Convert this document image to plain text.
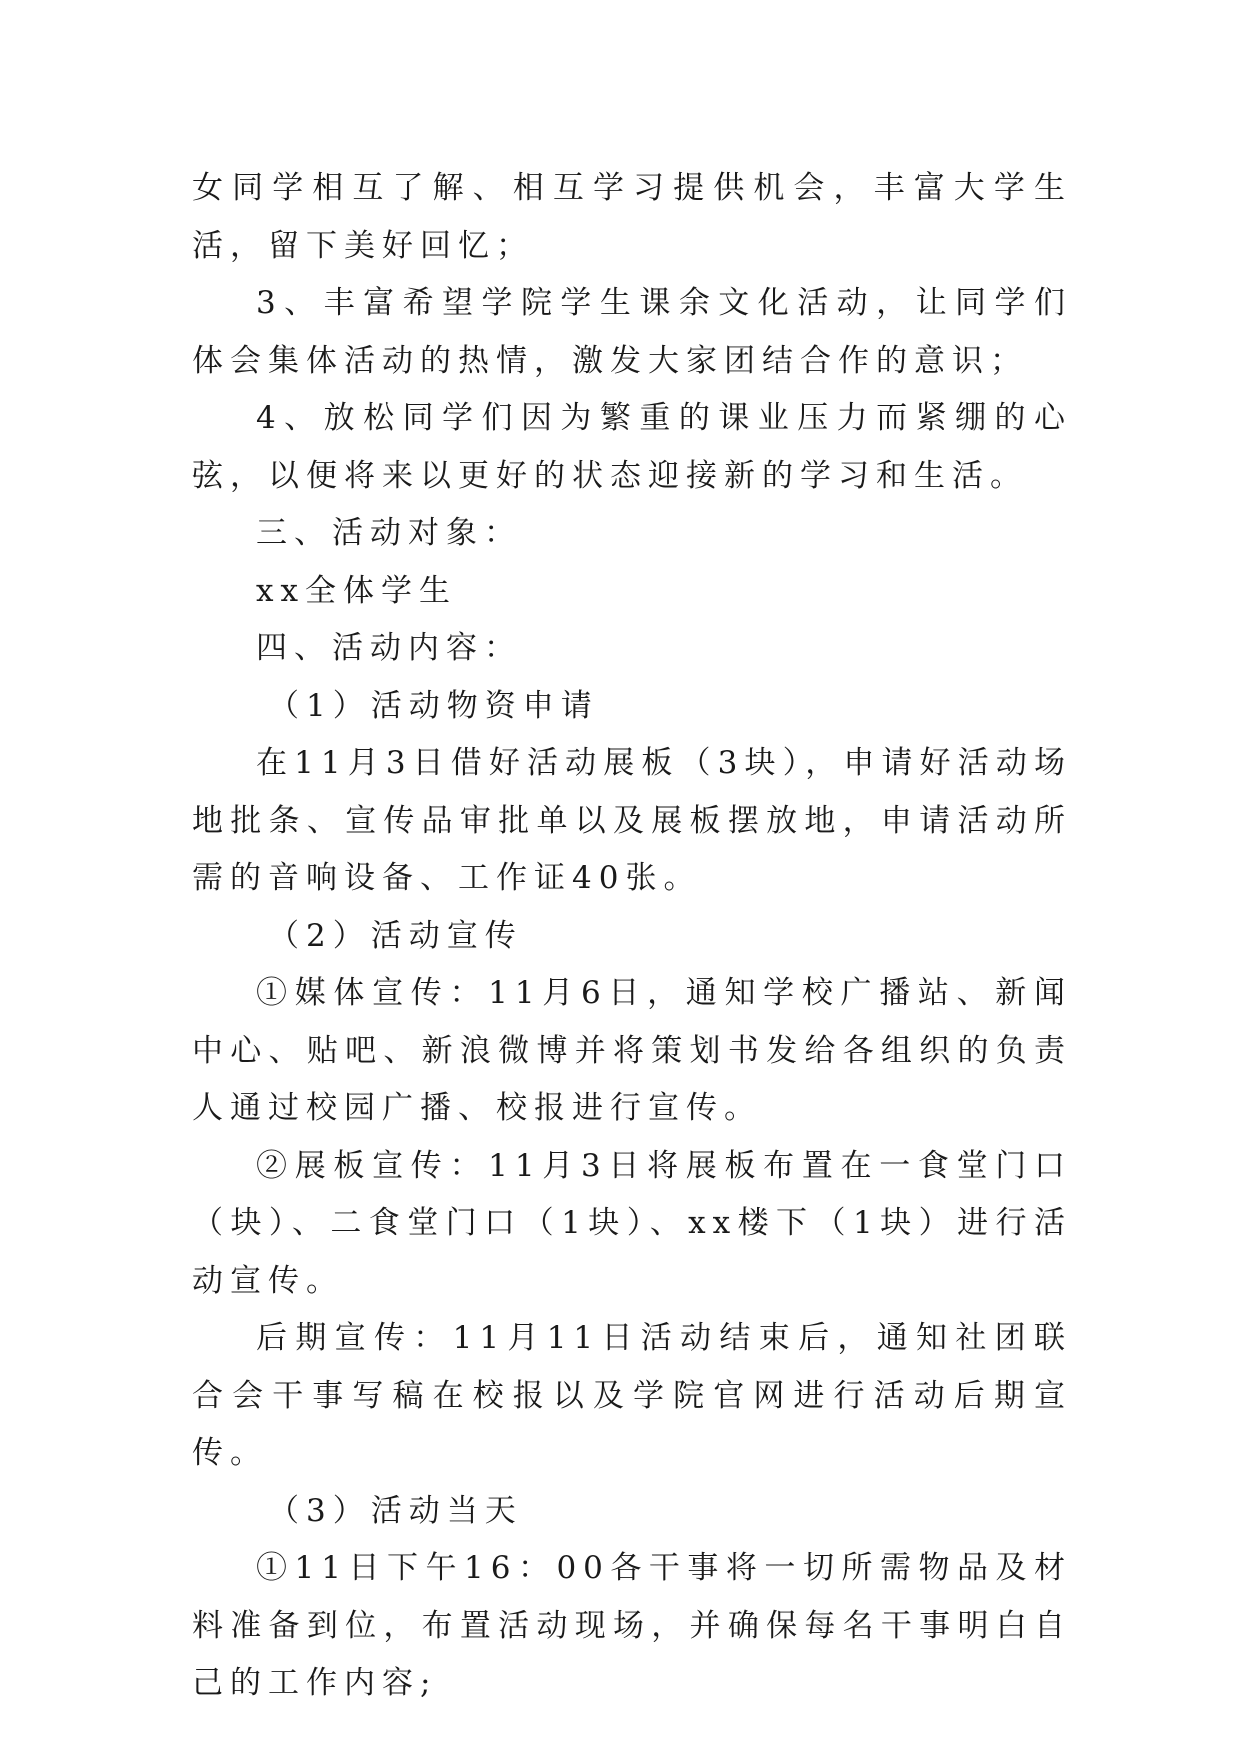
女同学相互了解、相互学习提供机会，丰富大学生活，留下美好回忆；

3、丰富希望学院学生课余文化活动，让同学们体会集体活动的热情，激发大家团结合作的意识；

4、放松同学们因为繁重的课业压力而紧绷的心弦，以便将来以更好的状态迎接新的学习和生活。

三、活动对象：

xx全体学生

四、活动内容：

（1）活动物资申请

在11月3日借好活动展板（3块），申请好活动场地批条、宣传品审批单以及展板摆放地，申请活动所需的音响设备、工作证40张。

（2）活动宣传

①媒体宣传：11月6日，通知学校广播站、新闻中心、贴吧、新浪微博并将策划书发给各组织的负责人通过校园广播、校报进行宣传。

②展板宣传：11月3日将展板布置在一食堂门口（块）、二食堂门口（1块）、xx楼下（1块）进行活动宣传。

后期宣传：11月11日活动结束后，通知社团联合会干事写稿在校报以及学院官网进行活动后期宣传。

（3）活动当天

①11日下午16：00各干事将一切所需物品及材料准备到位，布置活动现场，并确保每名干事明白自己的工作内容;
